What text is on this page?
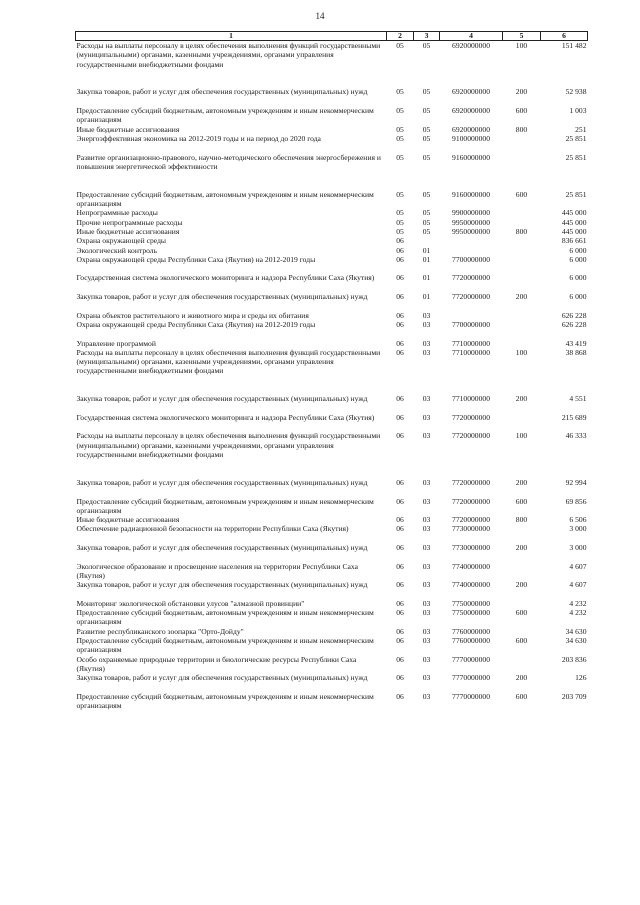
14
1	2	3	4	5	6
Расходы на выплаты персоналу в целях обеспечения выполнения функций государственными (муниципальными) органами, казенными учреждениями, органами управления государственными внебюджетными фондами	05	05	6920000000	100	151 482

Закупка товаров, работ и услуг для обеспечения государственных (муниципальных) нужд	05	05	6920000000	200	52 938
Предоставление субсидий бюджетным, автономным учреждениям и иным некоммерческим организациям	05	05	6920000000	600	1 003
Иные бюджетные ассигнования	05	05	6920000000	800	251
Энергоэффективная экономика на 2012-2019 годы и на период до 2020 года	05	05	9100000000		25 851

Развитие организационно-правового, научно-методического обеспечения энергосбережения и повышения энергетической эффективности	05	05	9160000000		25 851

Предоставление субсидий бюджетным, автономным учреждениям и иным некоммерческим организациям	05	05	9160000000	600	25 851
Непрограммные расходы	05	05	9900000000		445 000
Прочие непрограммные расходы	05	05	9950000000		445 000
Иные бюджетные ассигнования	05	05	9950000000	800	445 000
Охрана окружающей среды	06				836 661
Экологический контроль	06	01			6 000
Охрана окружающей среды Республики Саха (Якутия) на 2012-2019 годы	06	01	7700000000		6 000

Государственная система экологического мониторинга и надзора Республики Саха (Якутия)	06	01	7720000000		6 000
Закупка товаров, работ и услуг для обеспечения государственных (муниципальных) нужд	06	01	7720000000	200	6 000
Охрана объектов растительного и животного мира и среды их обитания	06	03			626 228
Охрана окружающей среды Республики Саха (Якутия) на 2012-2019 годы	06	03	7700000000		626 228

Управление программой	06	03	7710000000		43 419
Расходы на выплаты персоналу в целях обеспечения выполнения функций государственными (муниципальными) органами, казенными учреждениями, органами управления государственными внебюджетными фондами	06	03	7710000000	100	38 868

Закупка товаров, работ и услуг для обеспечения государственных (муниципальных) нужд	06	03	7710000000	200	4 551
Государственная система экологического мониторинга и надзора Республики Саха (Якутия)	06	03	7720000000		215 689
Расходы на выплаты персоналу в целях обеспечения выполнения функций государственными (муниципальными) органами, казенными учреждениями, органами управления государственными внебюджетными фондами	06	03	7720000000	100	46 333

Закупка товаров, работ и услуг для обеспечения государственных (муниципальных) нужд	06	03	7720000000	200	92 994
Предоставление субсидий бюджетным, автономным учреждениям и иным некоммерческим организациям	06	03	7720000000	600	69 856
Иные бюджетные ассигнования	06	03	7720000000	800	6 506
Обеспечение радиационной безопасности на территории Республики Саха (Якутия)	06	03	7730000000		3 000
Закупка товаров, работ и услуг для обеспечения государственных (муниципальных) нужд	06	03	7730000000	200	3 000
Экологическое образование и просвещение населения на территории Республики Саха (Якутия)	06	03	7740000000		4 607
Закупка товаров, работ и услуг для обеспечения государственных (муниципальных) нужд	06	03	7740000000	200	4 607
Мониторинг экологической обстановки улусов "алмазной провинции"	06	03	7750000000		4 232
Предоставление субсидий бюджетным, автономным учреждениям и иным некоммерческим организациям	06	03	7750000000	600	4 232
Развитие республиканского зоопарка "Орто-Дойду"	06	03	7760000000		34 630
Предоставление субсидий бюджетным, автономным учреждениям и иным некоммерческим организациям	06	03	7760000000	600	34 630
Особо охраняемые природные территории и биологические ресурсы Республики Саха (Якутия)	06	03	7770000000		203 836
Закупка товаров, работ и услуг для обеспечения государственных (муниципальных) нужд	06	03	7770000000	200	126
Предоставление субсидий бюджетным, автономным учреждениям и иным некоммерческим организациям	06	03	7770000000	600	203 709
